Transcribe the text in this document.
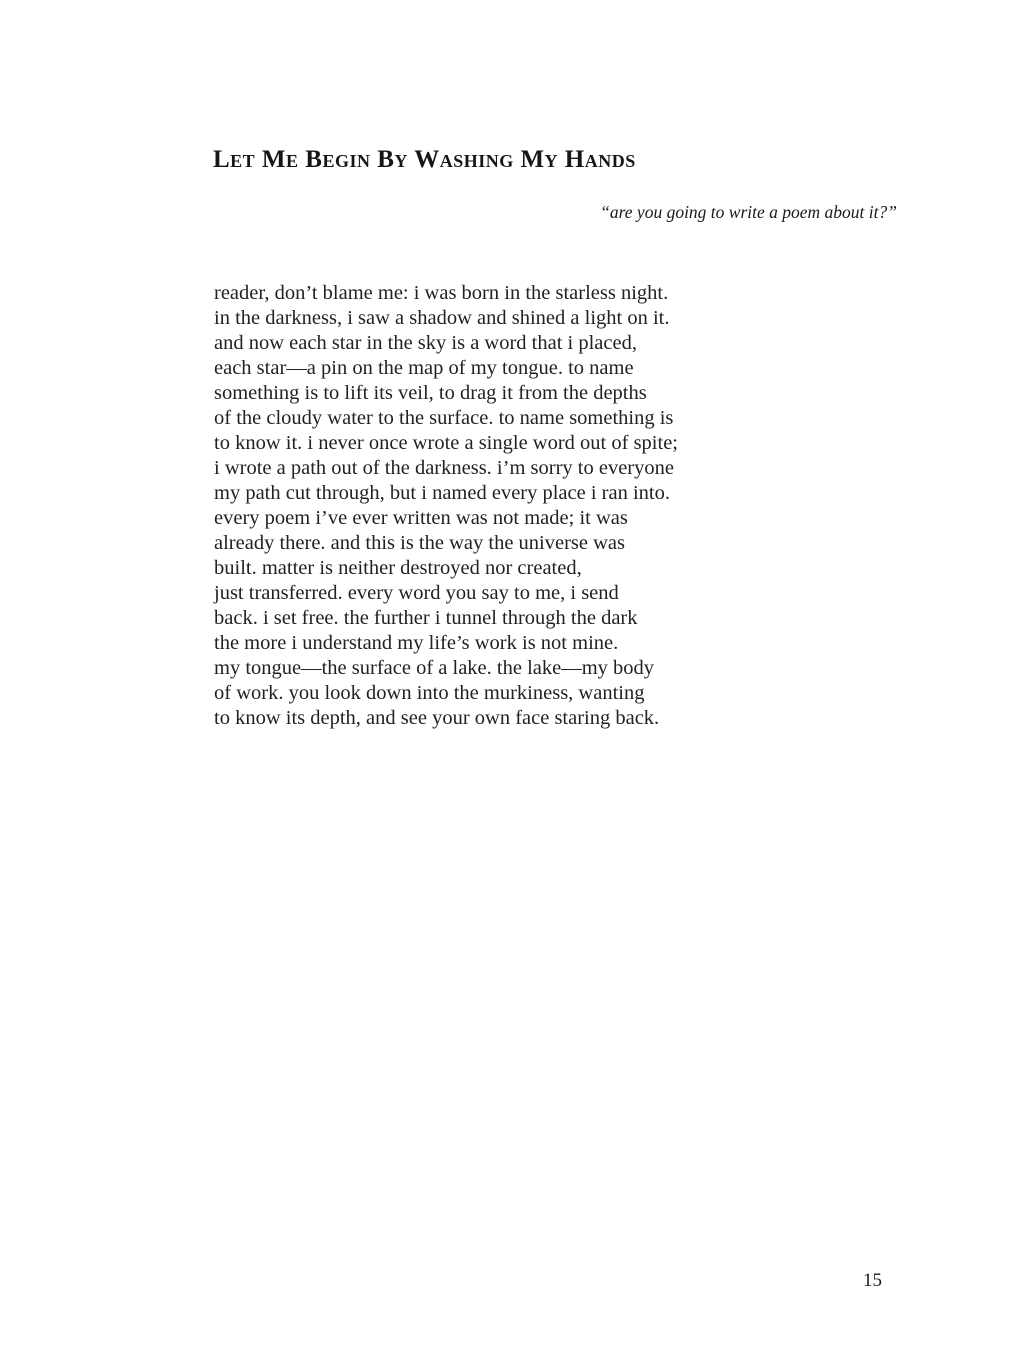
Let Me Begin By Washing My Hands
“are you going to write a poem about it?”
reader, don’t blame me: i was born in the starless night.
in the darkness, i saw a shadow and shined a light on it.
and now each star in the sky is a word that i placed,
each star—a pin on the map of my tongue. to name
something is to lift its veil, to drag it from the depths
of the cloudy water to the surface. to name something is
to know it. i never once wrote a single word out of spite;
i wrote a path out of the darkness. i’m sorry to everyone
my path cut through, but i named every place i ran into.
every poem i’ve ever written was not made; it was
already there. and this is the way the universe was
built. matter is neither destroyed nor created,
just transferred. every word you say to me, i send
back. i set free. the further i tunnel through the dark
the more i understand my life’s work is not mine.
my tongue—the surface of a lake. the lake—my body
of work. you look down into the murkiness, wanting
to know its depth, and see your own face staring back.
15
